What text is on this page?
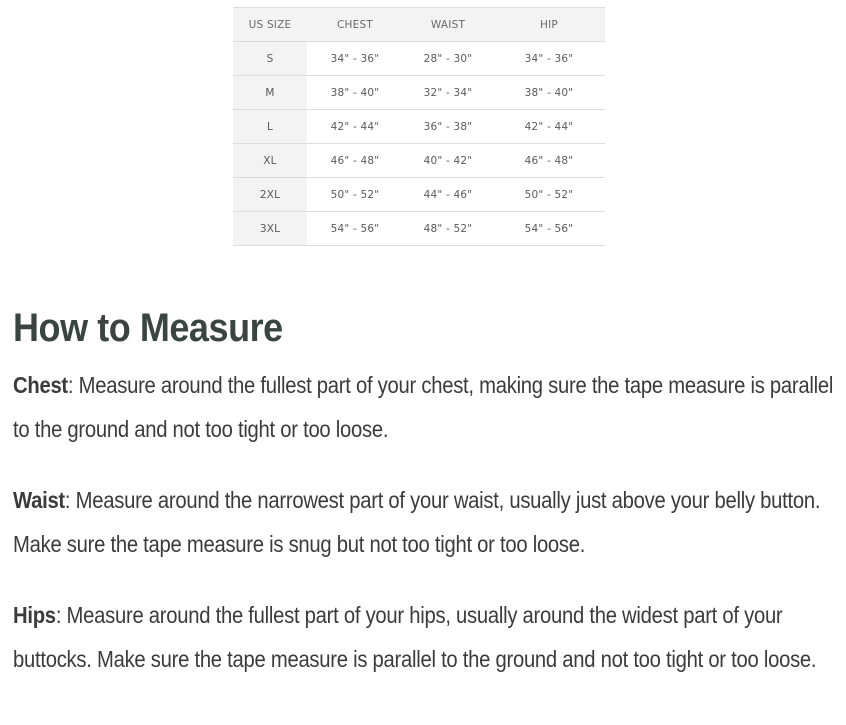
US SIZE	CHEST	WAIST	HIP
S	34" - 36"	28" - 30"	34" - 36"
M	38" - 40"	32" - 34"	38" - 40"
L	42" - 44"	36" - 38"	42" - 44"
XL	46" - 48"	40" - 42"	46" - 48"
2XL	50" - 52"	44" - 46"	50" - 52"
3XL	54" - 56"	48" - 52"	54" - 56"
How to Measure

Chest: Measure around the fullest part of your chest, making sure the tape measure is parallel to the ground and not too tight or too loose.

Waist: Measure around the narrowest part of your waist, usually just above your belly button. Make sure the tape measure is snug but not too tight or too loose.

Hips: Measure around the fullest part of your hips, usually around the widest part of your buttocks. Make sure the tape measure is parallel to the ground and not too tight or too loose.
